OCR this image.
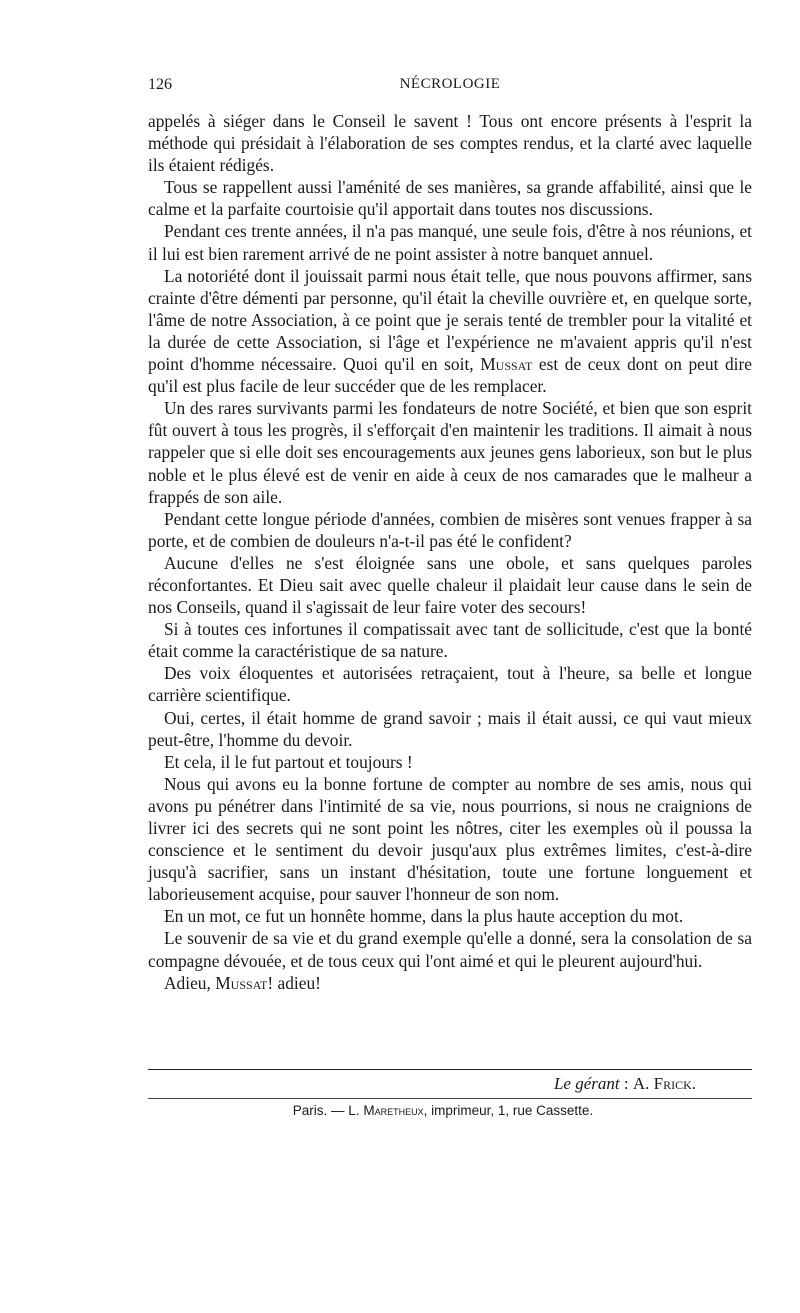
126	NÉCROLOGIE

appelés à siéger dans le Conseil le savent ! Tous ont encore présents à l'esprit la méthode qui présidait à l'élaboration de ses comptes rendus, et la clarté avec laquelle ils étaient rédigés.

Tous se rappellent aussi l'aménité de ses manières, sa grande affabilité, ainsi que le calme et la parfaite courtoisie qu'il apportait dans toutes nos discussions.

Pendant ces trente années, il n'a pas manqué, une seule fois, d'être à nos réunions, et il lui est bien rarement arrivé de ne point assister à notre banquet annuel.

La notoriété dont il jouissait parmi nous était telle, que nous pouvons affirmer, sans crainte d'être démenti par personne, qu'il était la cheville ouvrière et, en quelque sorte, l'âme de notre Association, à ce point que je serais tenté de trembler pour la vitalité et la durée de cette Association, si l'âge et l'expérience ne m'avaient appris qu'il n'est point d'homme nécessaire. Quoi qu'il en soit, Mussat est de ceux dont on peut dire qu'il est plus facile de leur succéder que de les remplacer.

Un des rares survivants parmi les fondateurs de notre Société, et bien que son esprit fût ouvert à tous les progrès, il s'efforçait d'en maintenir les traditions. Il aimait à nous rappeler que si elle doit ses encouragements aux jeunes gens laborieux, son but le plus noble et le plus élevé est de venir en aide à ceux de nos camarades que le malheur a frappés de son aile.

Pendant cette longue période d'années, combien de misères sont venues frapper à sa porte, et de combien de douleurs n'a-t-il pas été le confident?

Aucune d'elles ne s'est éloignée sans une obole, et sans quelques paroles réconfortantes. Et Dieu sait avec quelle chaleur il plaidait leur cause dans le sein de nos Conseils, quand il s'agissait de leur faire voter des secours!

Si à toutes ces infortunes il compatissait avec tant de sollicitude, c'est que la bonté était comme la caractéristique de sa nature.

Des voix éloquentes et autorisées retraçaient, tout à l'heure, sa belle et longue carrière scientifique.

Oui, certes, il était homme de grand savoir ; mais il était aussi, ce qui vaut mieux peut-être, l'homme du devoir.

Et cela, il le fut partout et toujours !

Nous qui avons eu la bonne fortune de compter au nombre de ses amis, nous qui avons pu pénétrer dans l'intimité de sa vie, nous pourrions, si nous ne craignions de livrer ici des secrets qui ne sont point les nôtres, citer les exemples où il poussa la conscience et le sentiment du devoir jusqu'aux plus extrêmes limites, c'est-à-dire jusqu'à sacrifier, sans un instant d'hésitation, toute une fortune longuement et laborieusement acquise, pour sauver l'honneur de son nom.

En un mot, ce fut un honnête homme, dans la plus haute acception du mot.

Le souvenir de sa vie et du grand exemple qu'elle a donné, sera la consolation de sa compagne dévouée, et de tous ceux qui l'ont aimé et qui le pleurent aujourd'hui.

Adieu, Mussat! adieu!

Le gérant : A. Frick.
Paris. — L. Maretheux, imprimeur, 1, rue Cassette.
